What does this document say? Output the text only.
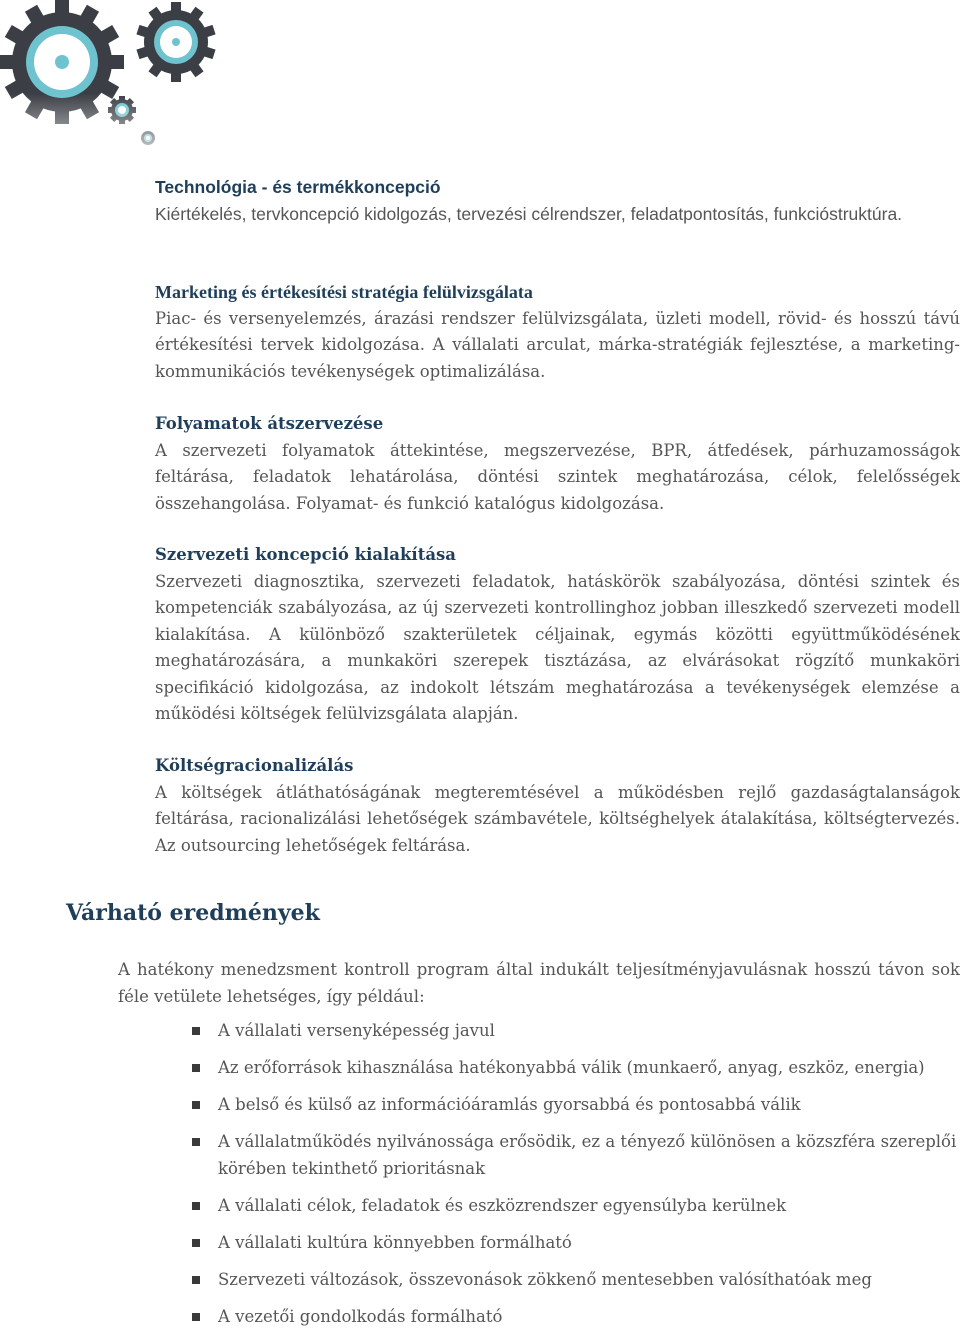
Technológia - és termékkoncepció

Kiértékelés, tervkoncepció kidolgozás, tervezési célrendszer, feladatpontosítás, funkcióstruktúra.

Marketing és értékesítési stratégia felülvizsgálata

Piac- és versenyelemzés, árazási rendszer felülvizsgálata, üzleti modell, rövid- és hosszú távú értékesítési tervek kidolgozása. A vállalati arculat, márka-stratégiák fejlesztése, a marketing-kommunikációs tevékenységek optimalizálása.

Folyamatok átszervezése

A szervezeti folyamatok áttekintése, megszervezése, BPR, átfedések, párhuzamosságok feltárása, feladatok lehatárolása, döntési szintek meghatározása, célok, felelősségek összehangolása. Folyamat- és funkció katalógus kidolgozása.

Szervezeti koncepció kialakítása

Szervezeti diagnosztika, szervezeti feladatok, hatáskörök szabályozása, döntési szintek és kompetenciák szabályozása, az új szervezeti kontrollinghoz jobban illeszkedő szervezeti modell kialakítása. A különböző szakterületek céljainak, egymás közötti együttműködésének meghatározására, a munkaköri szerepek tisztázása, az elvárásokat rögzítő munkaköri specifikáció kidolgozása, az indokolt létszám meghatározása a tevékenységek elemzése a működési költségek felülvizsgálata alapján.

Költségracionalizálás

A költségek átláthatóságának megteremtésével a működésben rejlő gazdaságtalanságok feltárása, racionalizálási lehetőségek számbavétele, költséghelyek átalakítása, költségtervezés. Az outsourcing lehetőségek feltárása.

Várható eredmények

A hatékony menedzsment kontroll program által indukált teljesítményjavulásnak hosszú távon sok féle vetülete lehetséges, így például:

A vállalati versenyképesség javul
Az erőforrások kihasználása hatékonyabbá válik (munkaerő, anyag, eszköz, energia)
A belső és külső az információáramlás gyorsabbá és pontosabbá válik
A vállalatműködés nyilvánossága erősödik, ez a tényező különösen a közszféra szereplői körében tekinthető prioritásnak
A vállalati célok, feladatok és eszközrendszer egyensúlyba kerülnek
A vállalati kultúra könnyebben formálható
Szervezeti változások, összevonások zökkenő mentesebben valósíthatóak meg
A vezetői gondolkodás formálható
